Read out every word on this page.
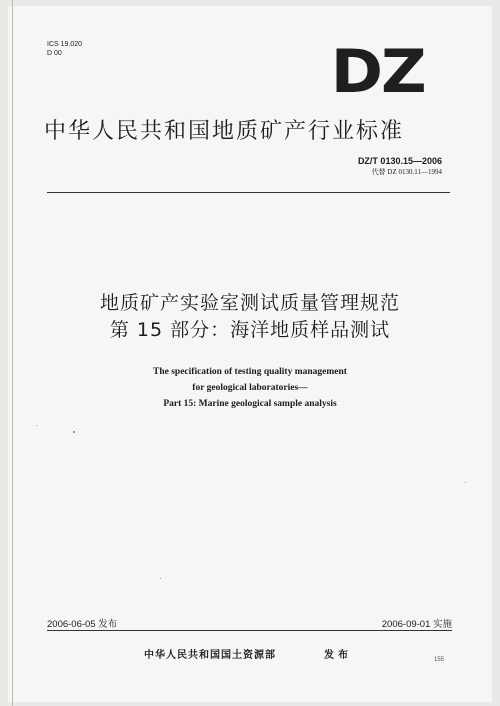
ICS 19.020
D 00	DZ
中华人民共和国地质矿产行业标准
DZ/T 0130.15—2006
代替 DZ 0130.11—1994
地质矿产实验室测试质量管理规范
第 15 部分：海洋地质样品测试
The specification of testing quality management
for geological laboratories—
Part 15: Marine geological sample analysis
2006-06-05 发布	2006-09-01 实施
中华人民共和国国土资源部	发布	155
